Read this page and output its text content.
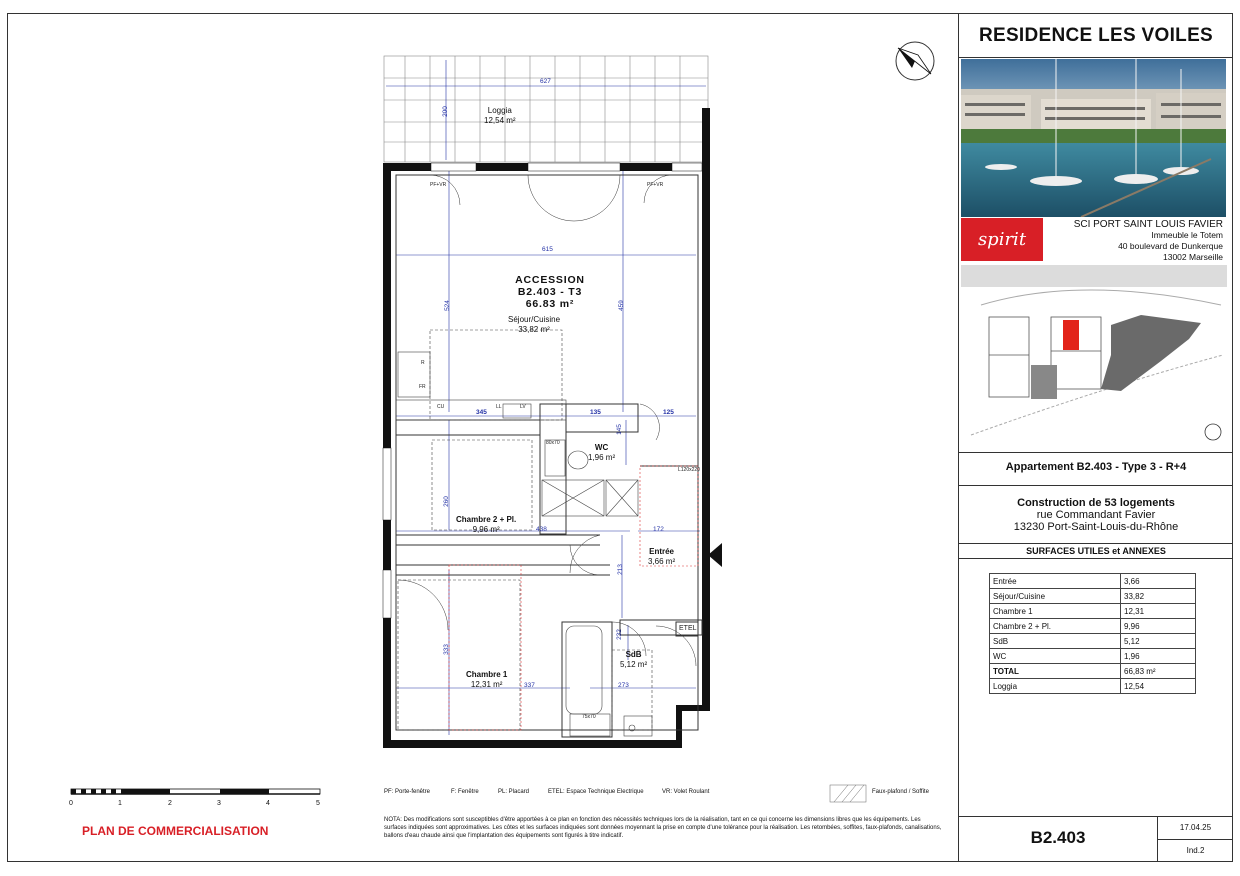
Loggia
12,54 m²
ACCESSION
B2.403 - T3
66.83 m²
Séjour/Cuisine
33,82 m²
WC
1,96 m²
Chambre 2 + Pl.
9,96 m²
Entrée
3,66 m²
SdB
5,12 m²
Chambre 1
12,31 m²
627
200
615
524	459
345	135	125
145
260
438	172
213
232
333
337	273
PF+VR	PF+VR
L120x220
ETEL
R
FR
CU	LL	LV
80x70
75x70
0	1	2	3	4	5
PLAN DE COMMERCIALISATION
PF: Porte-fenêtre	F: Fenêtre	PL: Placard	ETEL: Espace Technique Electrique	VR: Volet Roulant	Faux-plafond / Soffite
NOTA: Des modifications sont susceptibles d'être apportées à ce plan en fonction des nécessités techniques lors de la réalisation, tant en ce qui concerne les dimensions libres que les équipements. Les surfaces indiquées sont approximatives. Les côtes et les surfaces indiquées sont données moyennant la prise en compte d'une tolérance pour la réalisation. Les retombées, soffites, faux-plafonds, canalisations, ballons d'eau chaude ainsi que l'implantation des équipements sont figurés à titre indicatif.
RESIDENCE LES VOILES
spirit
SCI PORT SAINT LOUIS FAVIER
Immeuble le Totem
40 boulevard de Dunkerque
13002 Marseille
Appartement B2.403 - Type 3 - R+4
Construction de 53 logements
rue Commandant Favier
13230 Port-Saint-Louis-du-Rhône
SURFACES UTILES et ANNEXES
Entrée	3,66
Séjour/Cuisine	33,82
Chambre 1	12,31
Chambre 2 + Pl.	9,96
SdB	5,12
WC	1,96
TOTAL	66,83 m²
Loggia	12,54
B2.403
17.04.25
Ind.2
